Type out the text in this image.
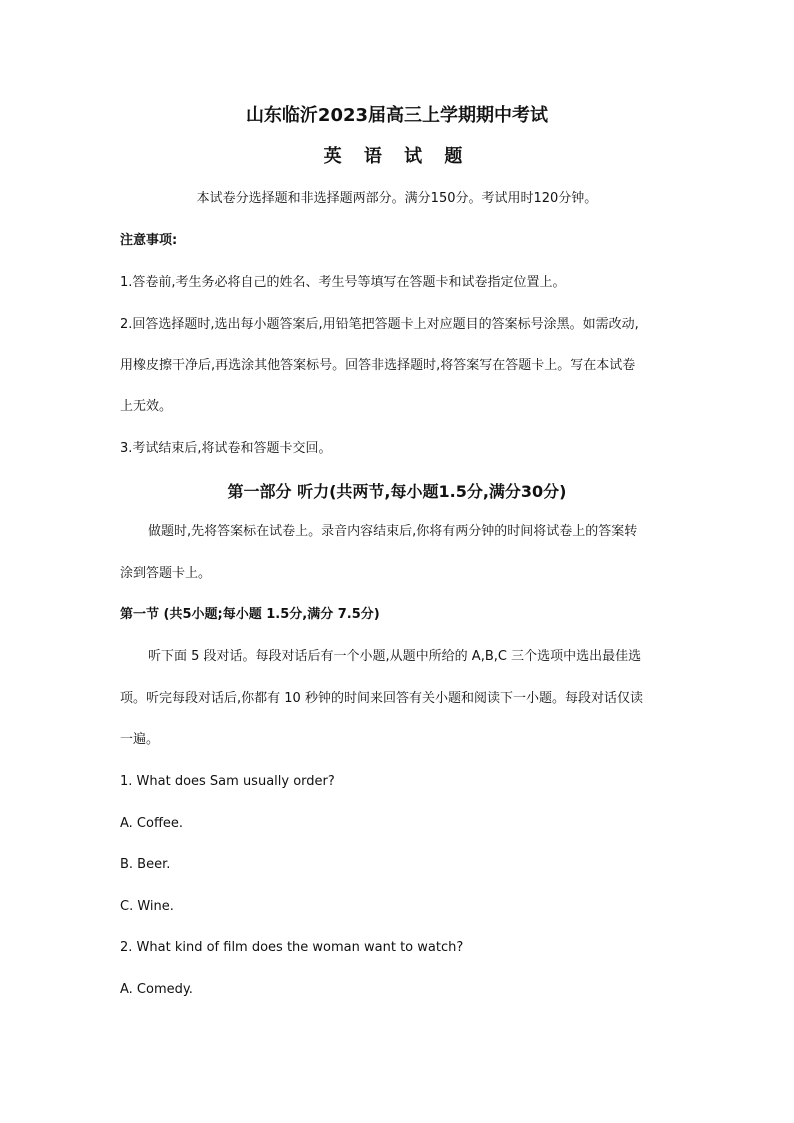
山东临沂2023届高三上学期期中考试
英 语 试 题
本试卷分选择题和非选择题两部分。满分150分。考试用时120分钟。
注意事项:
1.答卷前,考生务必将自己的姓名、考生号等填写在答题卡和试卷指定位置上。
2.回答选择题时,选出每小题答案后,用铅笔把答题卡上对应题目的答案标号涂黑。如需改动,
用橡皮擦干净后,再选涂其他答案标号。回答非选择题时,将答案写在答题卡上。写在本试卷
上无效。
3.考试结束后,将试卷和答题卡交回。
第一部分 听力(共两节,每小题1.5分,满分30分)
做题时,先将答案标在试卷上。录音内容结束后,你将有两分钟的时间将试卷上的答案转
涂到答题卡上。
第一节 (共5小题;每小题 1.5分,满分 7.5分)
听下面 5 段对话。每段对话后有一个小题,从题中所给的 A,B,C 三个选项中选出最佳选
项。听完每段对话后,你都有 10 秒钟的时间来回答有关小题和阅读下一小题。每段对话仅读
一遍。
1. What does Sam usually order?
A. Coffee.
B. Beer.
C. Wine.
2. What kind of film does the woman want to watch?
A. Comedy.
